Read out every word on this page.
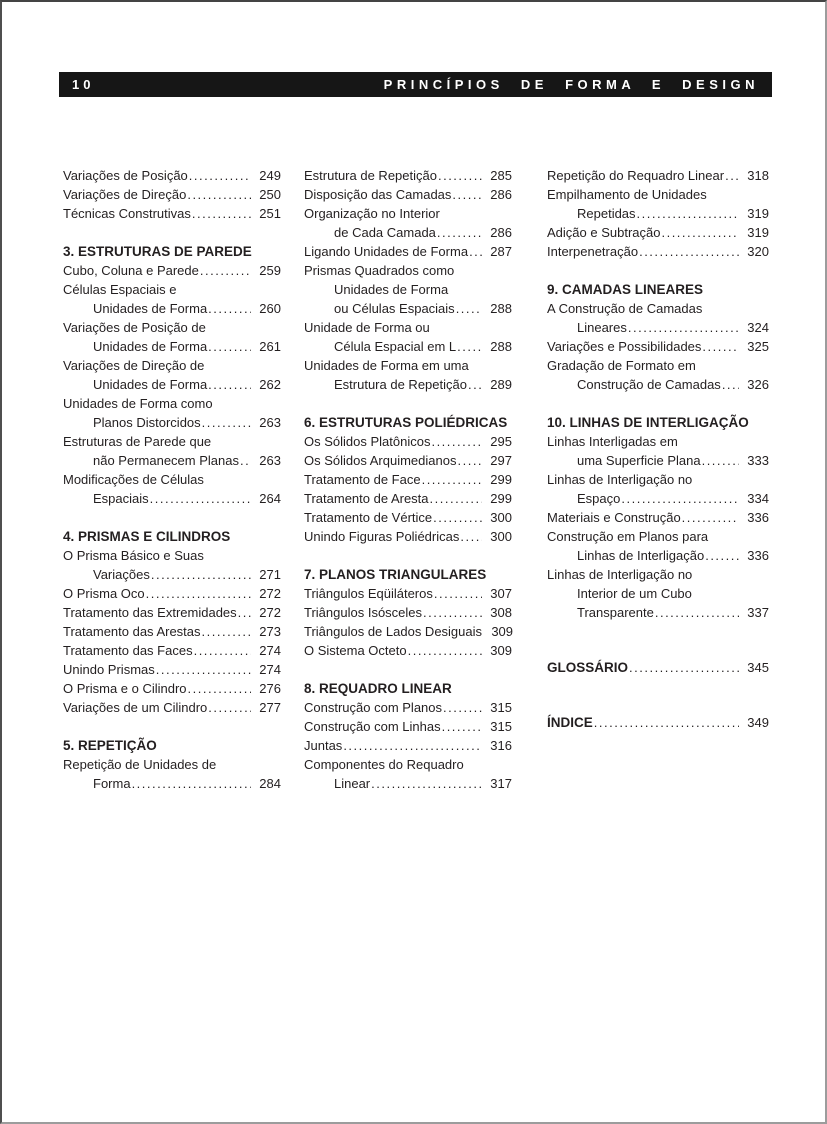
10	PRINCÍPIOS DE FORMA E DESIGN
Variações de Posição .....	249
Variações de Direção .....	250
Técnicas Construtivas .....	251
3. ESTRUTURAS DE PAREDE
Cubo, Coluna e Parede .....	259
Células Espaciais e
Unidades de Forma .....	260
Variações de Posição de
Unidades de Forma .....	261
Variações de Direção de
Unidades de Forma .....	262
Unidades de Forma como
Planos Distorcidos .....	263
Estruturas de Parede que
não Permanecem Planas .....	263
Modificações de Células
Espaciais .....	264
4. PRISMAS E CILINDROS
O Prisma Básico e Suas
Variações .....	271
O Prisma Oco .....	272
Tratamento das Extremidades .....	272
Tratamento das Arestas .....	273
Tratamento das Faces .....	274
Unindo Prismas .....	274
O Prisma e o Cilindro .....	276
Variações de um Cilindro .....	277
5. REPETIÇÃO
Repetição de Unidades de
Forma .....	284
Estrutura de Repetição .....	285
Disposição das Camadas .....	286
Organização no Interior
de Cada Camada .....	286
Ligando Unidades de Forma .....	287
Prismas Quadrados como
Unidades de Forma
ou Células Espaciais .....	288
Unidade de Forma ou
Célula Espacial em L .....	288
Unidades de Forma em uma
Estrutura de Repetição .....	289
6. ESTRUTURAS POLIÉDRICAS
Os Sólidos Platônicos .....	295
Os Sólidos Arquimedianos .....	297
Tratamento de Face .....	299
Tratamento de Aresta .....	299
Tratamento de Vértice .....	300
Unindo Figuras Poliédricas .....	300
7. PLANOS TRIANGULARES
Triângulos Eqüiláteros .....	307
Triângulos Isósceles .....	308
Triângulos de Lados Desiguais 309
O Sistema Octeto .....	309
8. REQUADRO LINEAR
Construção com Planos .....	315
Construção com Linhas .....	315
Juntas .....	316
Componentes do Requadro
Linear .....	317
Repetição do Requadro Linear .....	318
Empilhamento de Unidades
Repetidas .....	319
Adição e Subtração .....	319
Interpenetração .....	320
9. CAMADAS LINEARES
A Construção de Camadas
Lineares .....	324
Variações e Possibilidades .....	325
Gradação de Formato em
Construção de Camadas .....	326
10. LINHAS DE INTERLIGAÇÃO
Linhas Interligadas em
uma Superficie Plana .....	333
Linhas de Interligação no
Espaço .....	334
Materiais e Construção .....	336
Construção em Planos para
Linhas de Interligação .....	336
Linhas de Interligação no
Interior de um Cubo
Transparente .....	337
GLOSSÁRIO .....	345
ÍNDICE .....	349
